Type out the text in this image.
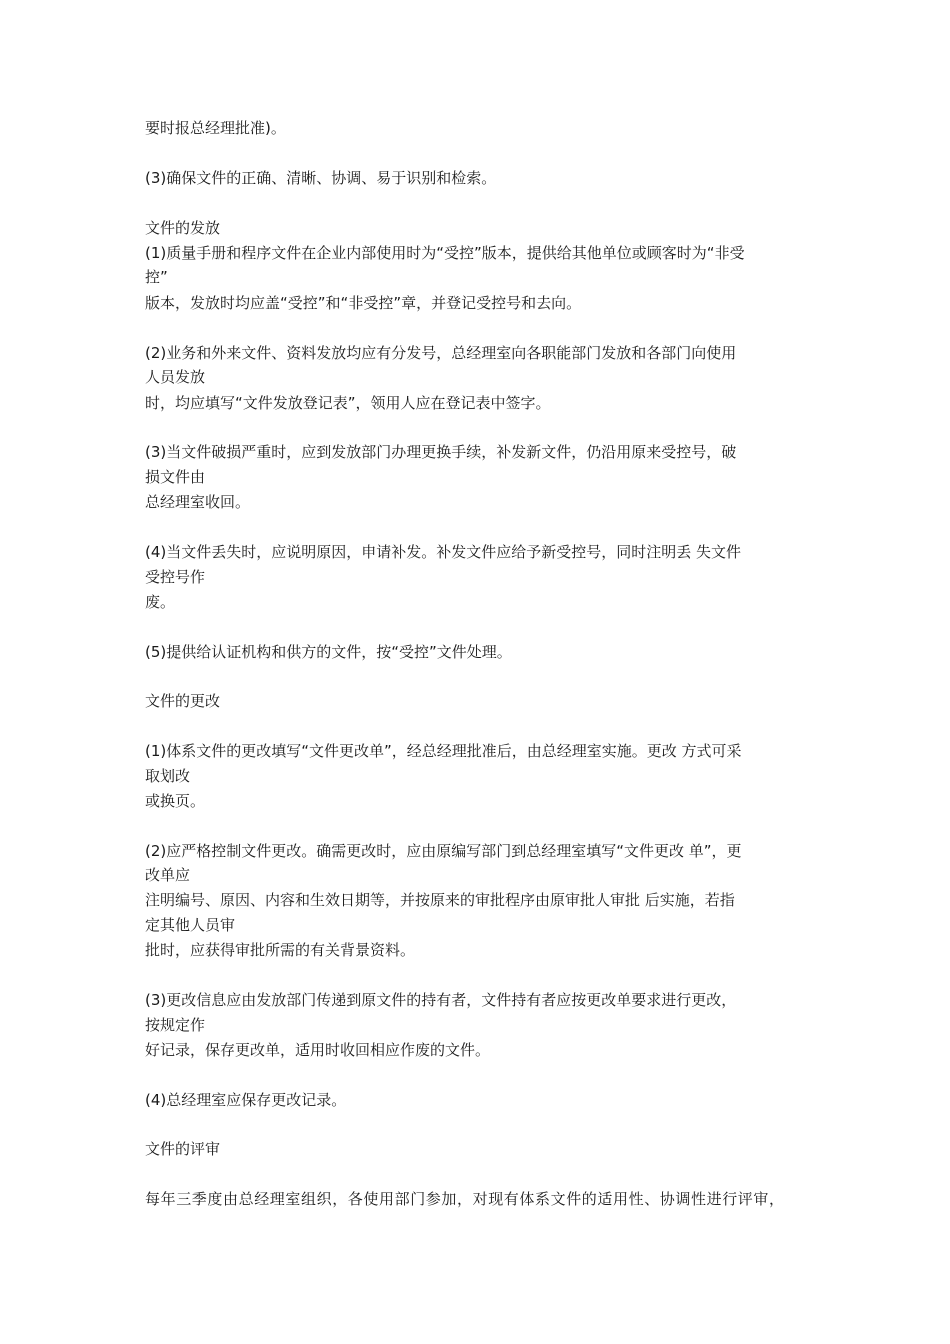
要时报总经理批准)。
(3)确保文件的正确、清晰、协调、易于识别和检索。
文件的发放
(1)质量手册和程序文件在企业内部使用时为“受控”版本，提供给其他单位或顾客时为“非受
控”
版本，发放时均应盖“受控”和“非受控”章，并登记受控号和去向。
(2)业务和外来文件、资料发放均应有分发号，总经理室向各职能部门发放和各部门向使用
人员发放
时，均应填写“文件发放登记表”，领用人应在登记表中签字。
(3)当文件破损严重时，应到发放部门办理更换手续，补发新文件，仍沿用原来受控号，破
损文件由
总经理室收回。
(4)当文件丢失时，应说明原因，申请补发。补发文件应给予新受控号，同时注明丢 失文件
受控号作
废。
(5)提供给认证机构和供方的文件，按“受控”文件处理。
文件的更改
(1)体系文件的更改填写“文件更改单”，经总经理批准后，由总经理室实施。更改 方式可采
取划改
或换页。
(2)应严格控制文件更改。确需更改时，应由原编写部门到总经理室填写“文件更改 单”，更
改单应
注明编号、原因、内容和生效日期等，并按原来的审批程序由原审批人审批 后实施，若指
定其他人员审
批时，应获得审批所需的有关背景资料。
(3)更改信息应由发放部门传递到原文件的持有者，文件持有者应按更改单要求进行更改，
按规定作
好记录，保存更改单，适用时收回相应作废的文件。
(4)总经理室应保存更改记录。
文件的评审
每年三季度由总经理室组织，各使用部门参加，对现有体系文件的适用性、协调性进行评审，
